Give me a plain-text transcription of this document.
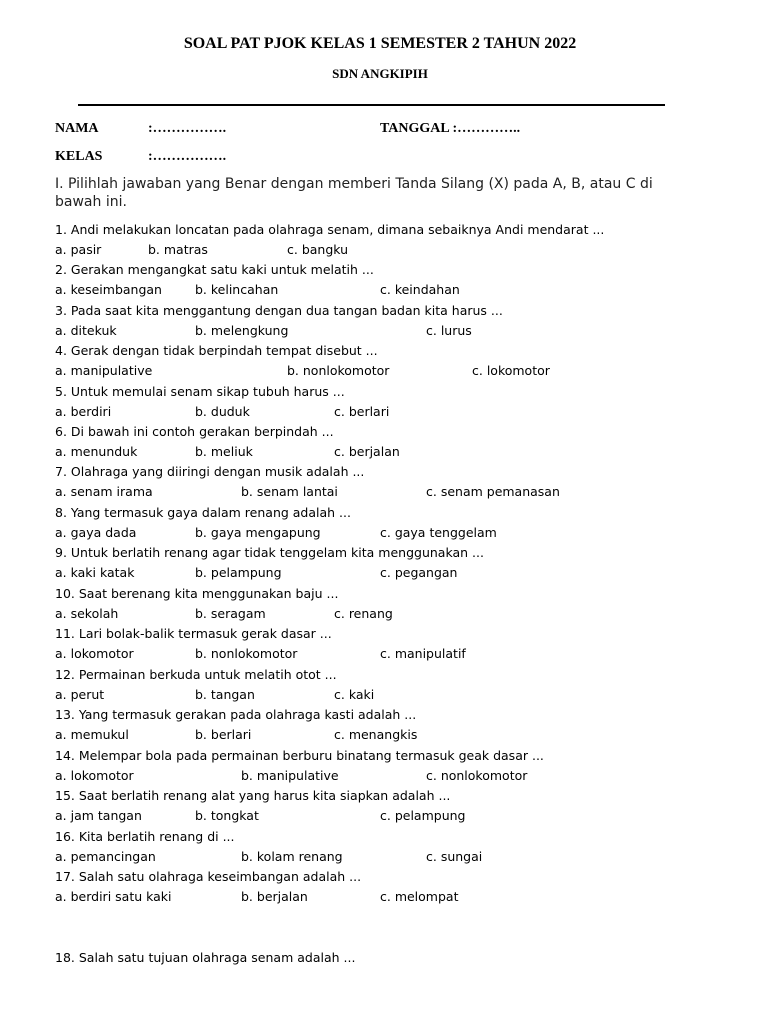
SOAL PAT PJOK KELAS 1 SEMESTER 2 TAHUN 2022
SDN ANGKIPIH
NAMA	:…………….	TANGGAL :…………..
KELAS	:…………….
I. Pilihlah jawaban yang Benar dengan memberi Tanda Silang (X) pada A, B, atau C di bawah ini.
1. Andi melakukan loncatan pada olahraga senam, dimana sebaiknya Andi mendarat ...
a. pasir	b. matras	c. bangku
2. Gerakan mengangkat satu kaki untuk melatih ...
a. keseimbangan	b. kelincahan	c. keindahan
3. Pada saat kita menggantung dengan dua tangan badan kita harus ...
a. ditekuk	b. melengkung	c. lurus
4. Gerak dengan tidak berpindah tempat disebut ...
a. manipulative	b. nonlokomotor	c. lokomotor
5. Untuk memulai senam sikap tubuh harus ...
a. berdiri	b. duduk	c. berlari
6. Di bawah ini contoh gerakan berpindah ...
a. menunduk	b. meliuk	c. berjalan
7. Olahraga yang diiringi dengan musik adalah ...
a. senam irama	b. senam lantai	c. senam pemanasan
8. Yang termasuk gaya dalam renang adalah ...
a. gaya dada	b. gaya mengapung	c. gaya tenggelam
9. Untuk berlatih renang agar tidak tenggelam kita menggunakan ...
a. kaki katak	b. pelampung	c. pegangan
10. Saat berenang kita menggunakan baju ...
a. sekolah	b. seragam	c. renang
11. Lari bolak-balik termasuk gerak dasar ...
a. lokomotor	b. nonlokomotor	c. manipulatif
12. Permainan berkuda untuk melatih otot ...
a. perut	b. tangan	c. kaki
13. Yang termasuk gerakan pada olahraga kasti adalah ...
a. memukul	b. berlari	c. menangkis
14. Melempar bola pada permainan berburu binatang termasuk geak dasar ...
a. lokomotor	b. manipulative	c. nonlokomotor
15. Saat berlatih renang alat yang harus kita siapkan adalah ...
a. jam tangan	b. tongkat	c. pelampung
16. Kita berlatih renang di ...
a. pemancingan	b. kolam renang	c. sungai
17. Salah satu olahraga keseimbangan adalah ...
a. berdiri satu kaki	b. berjalan	c. melompat
18. Salah satu tujuan olahraga senam adalah ...
